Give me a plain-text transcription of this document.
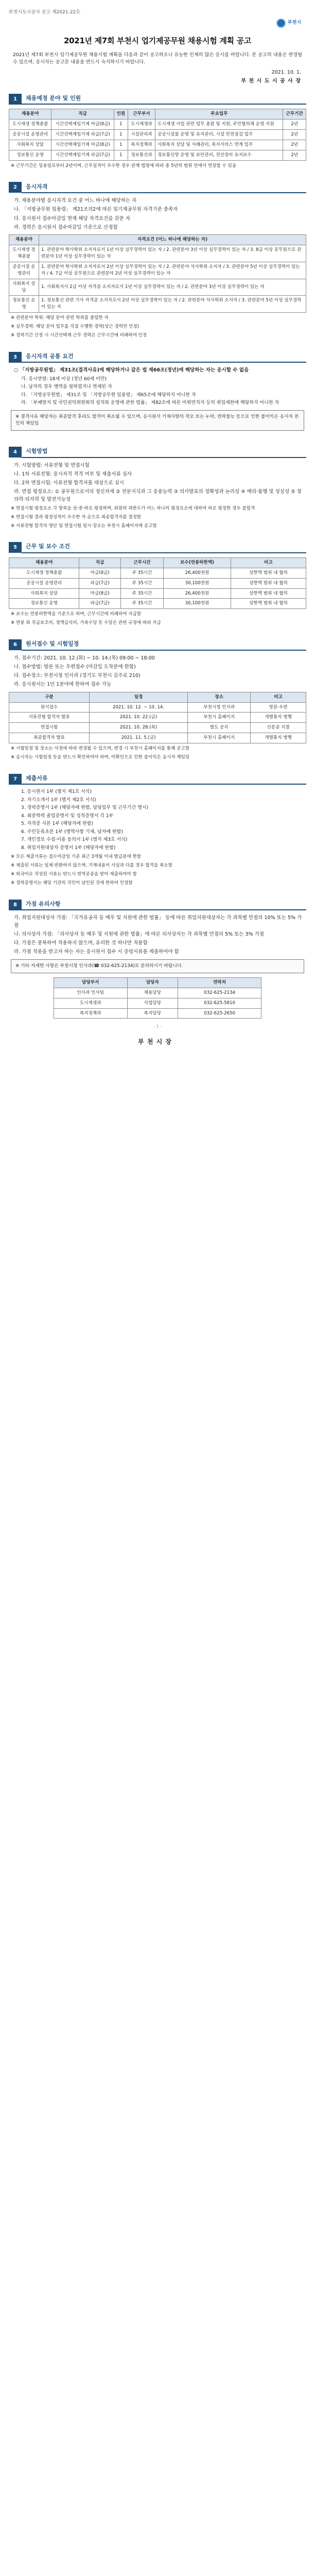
부천시도시공사 공고 제2021-22호
부천시
2021년 제7회 부천시 업기제공무원 채용시험 계획 공고
2021년 제7회 부천시 임기제공무원 채용시험 계획을 다음과 같이 공고하오니 유능한 인재의 많은 응시를 바랍니다. 본 공고의 내용은 변경될 수 있으며, 응시자는 공고문 내용을 반드시 숙지하시기 바랍니다.
2021. 10. 1.
부 천 시 도 시 공 사 장
1	채용예정 분야 및 인원
채용분야	직급	인원	근무부서	주요업무	근무기간
도시재생 정책총괄	시간선택제임기제 마급(8급)	1	도시재생과	도시재생 사업 관련 업무 총괄 및 지원, 주민협의체 운영 지원	2년
공공시설 운영관리	시간선택제임기제 라급(7급)	1	시설관리과	공공시설물 운영 및 유지관리, 시설 안전점검 업무	2년
사회복지 상담	시간선택제임기제 마급(8급)	1	복지정책과	사회복지 상담 및 사례관리, 복지서비스 연계 업무	2년
정보통신 운영	시간선택제임기제 라급(7급)	1	정보통신과	정보통신망 운영 및 보안관리, 전산장비 유지보수	2년
※ 근무기간은 임용일로부터 2년이며, 근무실적이 우수한 경우 관계 법령에 따라 총 5년의 범위 안에서 연장할 수 있음
2	응시자격
가. 채용분야별 응시자격 요건 중 어느 하나에 해당하는 자
나. 「지방공무원 임용령」 제21조의2에 따른 임기제공무원 자격기준 충족자
다. 응시원서 접수마감일 현재 해당 자격요건을 갖춘 자
라. 경력은 응시원서 접수마감일 기준으로 산정함
채용분야	자격요건 (어느 하나에 해당하는 자)
도시재생 정책총괄	1. 관련분야 학사학위 소지자로서 1년 이상 실무경력이 있는 자 / 2. 관련분야 3년 이상 실무경력이 있는 자 / 3. 8급 이상 공무원으로 관련분야 1년 이상 실무경력이 있는 자
공공시설 운영관리	1. 관련분야 학사학위 소지자로서 2년 이상 실무경력이 있는 자 / 2. 관련분야 석사학위 소지자 / 3. 관련분야 5년 이상 실무경력이 있는 자 / 4. 7급 이상 공무원으로 관련분야 2년 이상 실무경력이 있는 자
사회복지 상담	1. 사회복지사 2급 이상 자격증 소지자로서 1년 이상 실무경력이 있는 자 / 2. 관련분야 3년 이상 실무경력이 있는 자
정보통신 운영	1. 정보통신 관련 기사 자격증 소지자로서 2년 이상 실무경력이 있는 자 / 2. 관련분야 석사학위 소지자 / 3. 관련분야 5년 이상 실무경력이 있는 자
※ 관련분야 학위: 해당 분야 관련 학과를 졸업한 자
※ 실무경력: 해당 분야 업무를 직접 수행한 경력(상근 경력만 인정)
※ 경력기간 산정 시 시간선택제 근무 경력은 근무시간에 비례하여 인정
3	응시자격 공통 요건
○ 「지방공무원법」 제31조(결격사유)에 해당하거나 같은 법 제66조(정년)에 해당하는 자는 응시할 수 없음
가. 응시연령: 18세 이상 (정년 60세 미만)
나. 남자의 경우 병역을 필하였거나 면제된 자
다. 「지방공무원법」 제31조 및 「지방공무원 임용령」 제65조에 해당하지 아니한 자
라. 「부패방지 및 국민권익위원회의 설치와 운영에 관한 법률」 제82조에 따른 비위면직자 등의 취업제한에 해당하지 아니한 자
※ 결격사유 해당자는 최종합격 후라도 합격이 취소될 수 있으며, 응시원서 기재사항의 착오 또는 누락, 연락불능 등으로 인한 불이익은 응시자 본인의 책임임
4	시험방법
가. 시험방법: 서류전형 및 면접시험
나. 1차 서류전형: 응시자격 적격 여부 및 제출서류 심사
다. 2차 면접시험: 서류전형 합격자를 대상으로 실시
라. 면접 평정요소: ① 공무원으로서의 정신자세 ② 전문지식과 그 응용능력 ③ 의사발표의 정확성과 논리성 ④ 예의·품행 및 성실성 ⑤ 창의력·의지력 및 발전가능성
※ 면접시험 평정요소 각 항목을 상·중·하로 평정하며, 위원의 과반수가 어느 하나의 평정요소에 대하여 하로 평정한 경우 불합격
※ 면접시험 결과 평정성적이 우수한 자 순으로 최종합격자를 결정함
※ 서류전형 합격자 명단 및 면접시험 일시·장소는 부천시 홈페이지에 공고함
5	근무 및 보수 조건
채용분야	직급	근무시간	보수(연봉하한액)	비고
도시재생 정책총괄	마급(8급)	주 35시간	26,400천원	상한액 범위 내 협의
공공시설 운영관리	라급(7급)	주 35시간	30,100천원	상한액 범위 내 협의
사회복지 상담	마급(8급)	주 35시간	26,400천원	상한액 범위 내 협의
정보통신 운영	라급(7급)	주 35시간	30,100천원	상한액 범위 내 협의
※ 보수는 연봉하한액을 기준으로 하며, 근무시간에 비례하여 지급함
※ 연봉 외 직급보조비, 정액급식비, 가족수당 등 수당은 관련 규정에 따라 지급
6	원서접수 및 시험일정
가. 접수기간: 2021. 10. 12.(화) ~ 10. 14.(목) 09:00 ~ 18:00
나. 접수방법: 방문 또는 우편접수 (마감일 도착분에 한함)
다. 접수장소: 부천시청 인사과 (경기도 부천시 길주로 210)
라. 응시원서는 1인 1분야에 한하여 접수 가능
구분	일정	장소	비고
원서접수	2021. 10. 12. ~ 10. 14.	부천시청 인사과	방문·우편
서류전형 합격자 발표	2021. 10. 22.(금)	부천시 홈페이지	개별통지 병행
면접시험	2021. 10. 28.(목)	별도 공지	신분증 지참
최종합격자 발표	2021. 11. 5.(금)	부천시 홈페이지	개별통지 병행
※ 시험일정 및 장소는 사정에 따라 변경될 수 있으며, 변경 시 부천시 홈페이지를 통해 공고함
※ 응시자는 시험일정 등을 반드시 확인하여야 하며, 미확인으로 인한 불이익은 응시자 책임임
7	제출서류
1. 응시원서 1부 (별지 제1호 서식)
2. 자기소개서 1부 (별지 제2호 서식)
3. 경력증명서 1부 (해당자에 한함, 담당업무 및 근무기간 명시)
4. 최종학력 졸업증명서 및 성적증명서 각 1부
5. 자격증 사본 1부 (해당자에 한함)
6. 주민등록초본 1부 (병역사항 기재, 남자에 한함)
7. 개인정보 수집·이용 동의서 1부 (별지 제3호 서식)
8. 취업지원대상자 증명서 1부 (해당자에 한함)
※ 모든 제출서류는 접수마감일 기준 최근 3개월 이내 발급분에 한함
※ 제출된 서류는 일체 반환하지 않으며, 기재내용이 사실과 다를 경우 합격을 취소함
※ 외국어로 작성된 서류는 반드시 번역공증을 받아 제출하여야 함
※ 경력증명서는 해당 기관의 직인이 날인된 것에 한하여 인정함
8	가점 유의사항
가. 취업지원대상자 가점: 「국가유공자 등 예우 및 지원에 관한 법률」 등에 따른 취업지원대상자는 각 과목별 만점의 10% 또는 5% 가점
나. 의사상자 가점: 「의사상자 등 예우 및 지원에 관한 법률」에 따른 의사상자는 각 과목별 만점의 5% 또는 3% 가점
다. 가점은 중복하여 적용하지 않으며, 유리한 것 하나만 적용함
라. 가점 적용을 받고자 하는 자는 응시원서 접수 시 증빙서류를 제출하여야 함
※ 기타 자세한 사항은 부천시청 인사과(☎ 032-625-2134)로 문의하시기 바랍니다.
담당부서	담당자	연락처
인사과 인사팀	채용담당	032-625-2134
도시재생과	사업담당	032-625-5810
복지정책과	복지담당	032-625-2650
- 1 -
부 천 시 장
